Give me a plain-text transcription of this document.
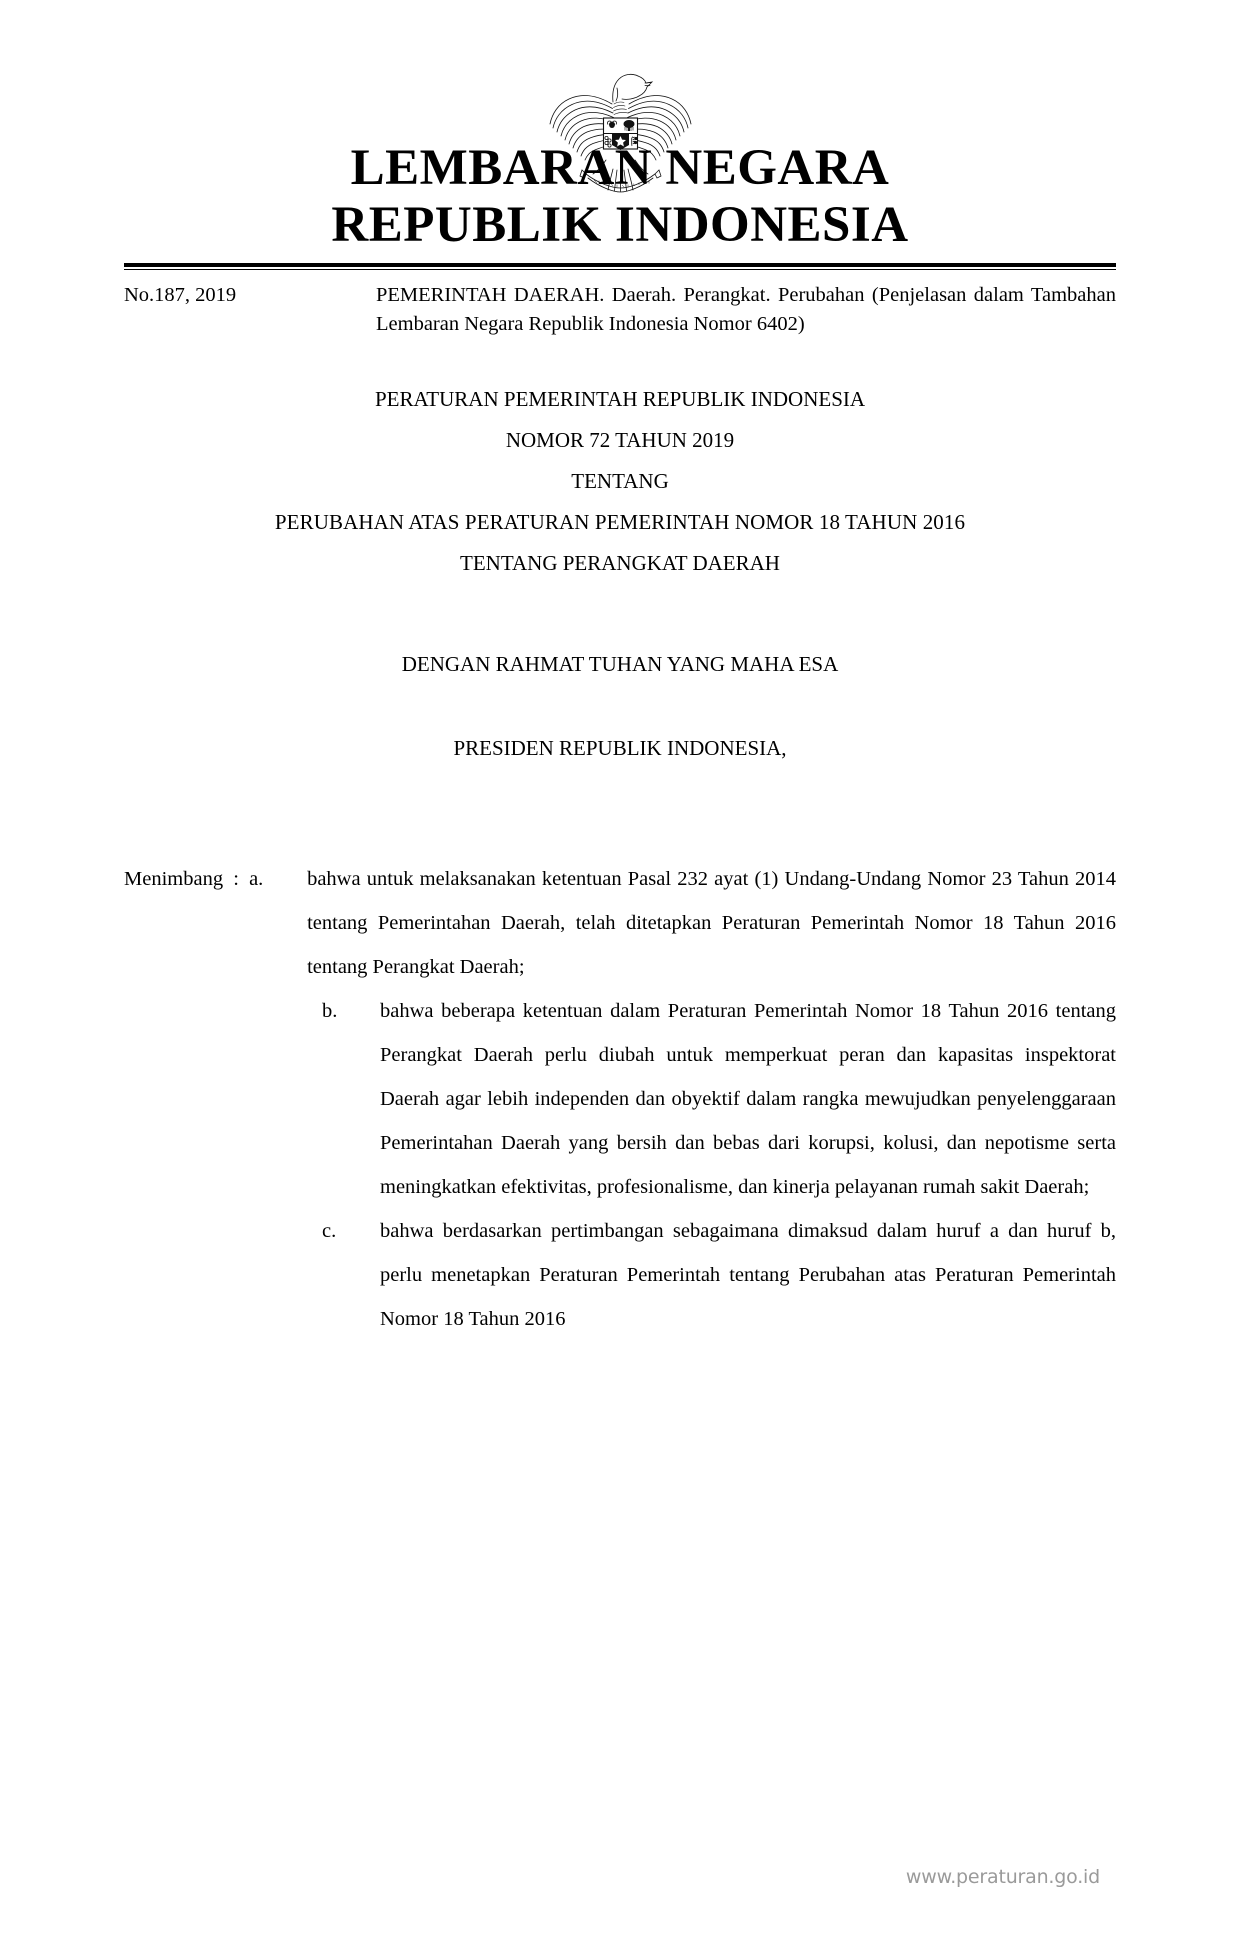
LEMBARAN NEGARA
REPUBLIK INDONESIA
No.187, 2019	PEMERINTAH DAERAH. Daerah. Perangkat. Perubahan (Penjelasan dalam Tambahan Lembaran Negara Republik Indonesia Nomor 6402)
PERATURAN PEMERINTAH REPUBLIK INDONESIA
NOMOR 72 TAHUN 2019
TENTANG
PERUBAHAN ATAS PERATURAN PEMERINTAH NOMOR 18 TAHUN 2016
TENTANG PERANGKAT DAERAH
DENGAN RAHMAT TUHAN YANG MAHA ESA
PRESIDEN REPUBLIK INDONESIA,
Menimbang : a.	bahwa untuk melaksanakan ketentuan Pasal 232 ayat (1) Undang-Undang Nomor 23 Tahun 2014 tentang Pemerintahan Daerah, telah ditetapkan Peraturan Pemerintah Nomor 18 Tahun 2016 tentang Perangkat Daerah;
b.	bahwa beberapa ketentuan dalam Peraturan Pemerintah Nomor 18 Tahun 2016 tentang Perangkat Daerah perlu diubah untuk memperkuat peran dan kapasitas inspektorat Daerah agar lebih independen dan obyektif dalam rangka mewujudkan penyelenggaraan Pemerintahan Daerah yang bersih dan bebas dari korupsi, kolusi, dan nepotisme serta meningkatkan efektivitas, profesionalisme, dan kinerja pelayanan rumah sakit Daerah;
c.	bahwa berdasarkan pertimbangan sebagaimana dimaksud dalam huruf a dan huruf b, perlu menetapkan Peraturan Pemerintah tentang Perubahan atas Peraturan Pemerintah Nomor 18 Tahun 2016
www.peraturan.go.id
